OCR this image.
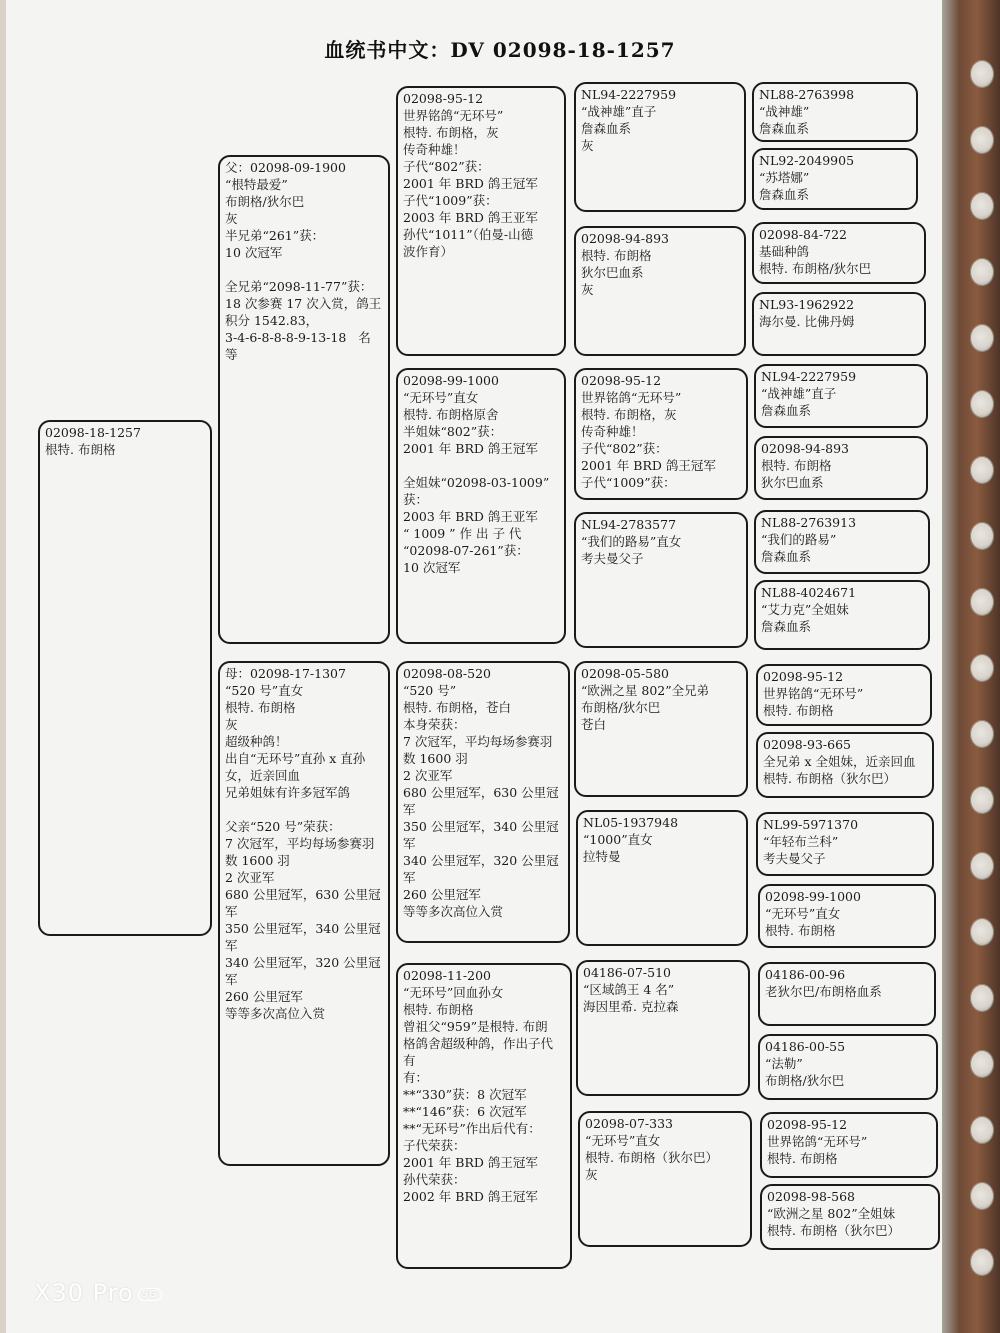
血统书中文：DV 02098-18-1257
02098-18-1257
根特. 布朗格
父：02098-09-1900
“根特最爱”
布朗格/狄尔巴
灰
半兄弟“261”获：
10 次冠军

全兄弟“2098-11-77”获：
18 次参赛 17 次入赏，鸽王
积分 1542.83，
3-4-6-8-8-8-9-13-18   名
等
母：02098-17-1307
“520 号”直女
根特. 布朗格
灰
超级种鸽！
出自“无环号”直孙 x 直孙
女，近亲回血
兄弟姐妹有许多冠军鸽

父亲“520 号”荣获：
7 次冠军，平均每场参赛羽
数 1600 羽
2 次亚军
680 公里冠军，630 公里冠
军
350 公里冠军，340 公里冠
军
340 公里冠军，320 公里冠
军
260 公里冠军
等等多次高位入赏
02098-95-12
世界铭鸽“无环号”
根特. 布朗格，灰
传奇种雄！
子代“802”获：
2001 年 BRD 鸽王冠军
子代“1009”获：
2003 年 BRD 鸽王亚军
孙代“1011”（伯曼-山德
波作育）
02098-99-1000
“无环号”直女
根特. 布朗格原舍
半姐妹“802”获：
2001 年 BRD 鸽王冠军

全姐妹“02098-03-1009”
获：
2003 年 BRD 鸽王亚军
“ 1009 ” 作 出 子 代
“02098-07-261”获：
10 次冠军
02098-08-520
“520 号”
根特. 布朗格，苍白
本身荣获：
7 次冠军，平均每场参赛羽
数 1600 羽
2 次亚军
680 公里冠军，630 公里冠
军
350 公里冠军，340 公里冠
军
340 公里冠军，320 公里冠
军
260 公里冠军
等等多次高位入赏
02098-11-200
“无环号”回血孙女
根特. 布朗格
曾祖父“959”是根特. 布朗
格鸽舍超级种鸽，作出子代有
有：
**“330”获：8 次冠军
**“146”获：6 次冠军
**“无环号”作出后代有：
子代荣获：
2001 年 BRD 鸽王冠军
孙代荣获：
2002 年 BRD 鸽王冠军
NL94-2227959
“战神雄”直子
詹森血系
灰
02098-94-893
根特. 布朗格
狄尔巴血系
灰
02098-95-12
世界铭鸽“无环号”
根特. 布朗格，灰
传奇种雄！
子代“802”获：
2001 年 BRD 鸽王冠军
子代“1009”获：
NL94-2783577
“我们的路易”直女
考夫曼父子
02098-05-580
“欧洲之星 802”全兄弟
布朗格/狄尔巴
苍白
NL05-1937948
“1000”直女
拉特曼
04186-07-510
“区域鸽王 4 名”
海因里希. 克拉森
02098-07-333
“无环号”直女
根特. 布朗格（狄尔巴）
灰
NL88-2763998
“战神雄”
詹森血系
NL92-2049905
“苏塔娜”
詹森血系
02098-84-722
基础种鸽
根特. 布朗格/狄尔巴
NL93-1962922
海尔曼. 比佛丹姆
NL94-2227959
“战神雄”直子
詹森血系
02098-94-893
根特. 布朗格
狄尔巴血系
NL88-2763913
“我们的路易”
詹森血系
NL88-4024671
“艾力克”全姐妹
詹森血系
02098-95-12
世界铭鸽“无环号”
根特. 布朗格
02098-93-665
全兄弟 x 全姐妹，近亲回血
根特. 布朗格（狄尔巴）
NL99-5971370
“年轻布兰科”
考夫曼父子
02098-99-1000
“无环号”直女
根特. 布朗格
04186-00-96
老狄尔巴/布朗格血系
04186-00-55
“法勒”
布朗格/狄尔巴
02098-95-12
世界铭鸽“无环号”
根特. 布朗格
02098-98-568
“欧洲之星 802”全姐妹
根特. 布朗格（狄尔巴）
X30 Pro 5G
